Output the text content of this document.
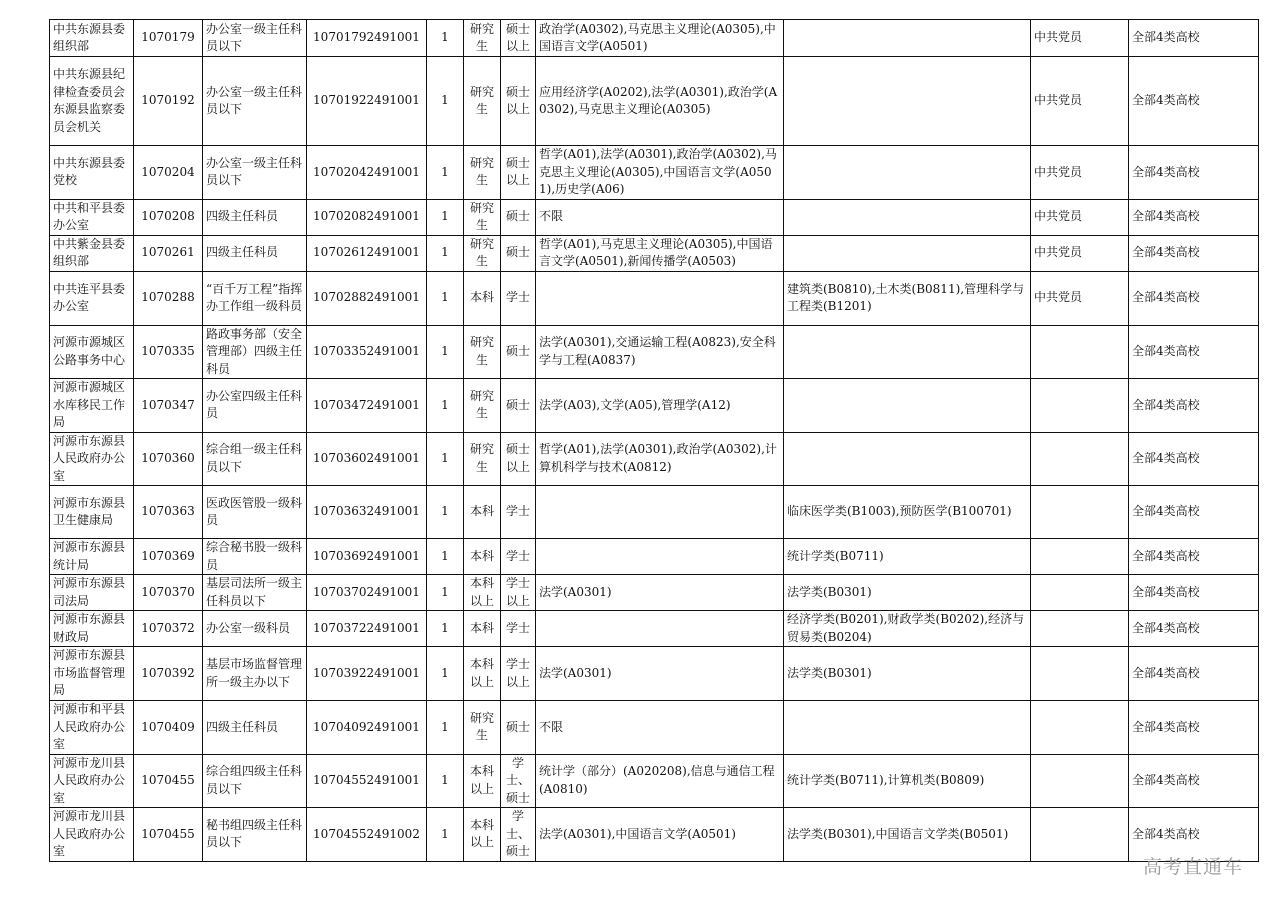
中共东源县委组织部	1070179	办公室一级主任科员以下	10701792491001	1	研究生	硕士以上	政治学(A0302),马克思主义理论(A0305),中国语言文学(A0501)		中共党员	全部4类高校
中共东源县纪律检查委员会东源县监察委员会机关	1070192	办公室一级主任科员以下	10701922491001	1	研究生	硕士以上	应用经济学(A0202),法学(A0301),政治学(A0302),马克思主义理论(A0305)		中共党员	全部4类高校
中共东源县委党校	1070204	办公室一级主任科员以下	10702042491001	1	研究生	硕士以上	哲学(A01),法学(A0301),政治学(A0302),马克思主义理论(A0305),中国语言文学(A0501),历史学(A06)		中共党员	全部4类高校
中共和平县委办公室	1070208	四级主任科员	10702082491001	1	研究生	硕士	不限		中共党员	全部4类高校
中共紫金县委组织部	1070261	四级主任科员	10702612491001	1	研究生	硕士	哲学(A01),马克思主义理论(A0305),中国语言文学(A0501),新闻传播学(A0503)		中共党员	全部4类高校
中共连平县委办公室	1070288	“百千万工程”指挥办工作组一级科员	10702882491001	1	本科	学士		建筑类(B0810),土木类(B0811),管理科学与工程类(B1201)	中共党员	全部4类高校
河源市源城区公路事务中心	1070335	路政事务部（安全管理部）四级主任科员	10703352491001	1	研究生	硕士	法学(A0301),交通运输工程(A0823),安全科学与工程(A0837)			全部4类高校
河源市源城区水库移民工作局	1070347	办公室四级主任科员	10703472491001	1	研究生	硕士	法学(A03),文学(A05),管理学(A12)			全部4类高校
河源市东源县人民政府办公室	1070360	综合组一级主任科员以下	10703602491001	1	研究生	硕士以上	哲学(A01),法学(A0301),政治学(A0302),计算机科学与技术(A0812)			全部4类高校
河源市东源县卫生健康局	1070363	医政医管股一级科员	10703632491001	1	本科	学士		临床医学类(B1003),预防医学(B100701)		全部4类高校
河源市东源县统计局	1070369	综合秘书股一级科员	10703692491001	1	本科	学士		统计学类(B0711)		全部4类高校
河源市东源县司法局	1070370	基层司法所一级主任科员以下	10703702491001	1	本科以上	学士以上	法学(A0301)	法学类(B0301)		全部4类高校
河源市东源县财政局	1070372	办公室一级科员	10703722491001	1	本科	学士		经济学类(B0201),财政学类(B0202),经济与贸易类(B0204)		全部4类高校
河源市东源县市场监督管理局	1070392	基层市场监督管理所一级主办以下	10703922491001	1	本科以上	学士以上	法学(A0301)	法学类(B0301)		全部4类高校
河源市和平县人民政府办公室	1070409	四级主任科员	10704092491001	1	研究生	硕士	不限			全部4类高校
河源市龙川县人民政府办公室	1070455	综合组四级主任科员以下	10704552491001	1	本科以上	学士、硕士	统计学（部分）(A020208),信息与通信工程(A0810)	统计学类(B0711),计算机类(B0809)		全部4类高校
河源市龙川县人民政府办公室	1070455	秘书组四级主任科员以下	10704552491002	1	本科以上	学士、硕士	法学(A0301),中国语言文学(A0501)	法学类(B0301),中国语言文学类(B0501)		全部4类高校
高考直通车
